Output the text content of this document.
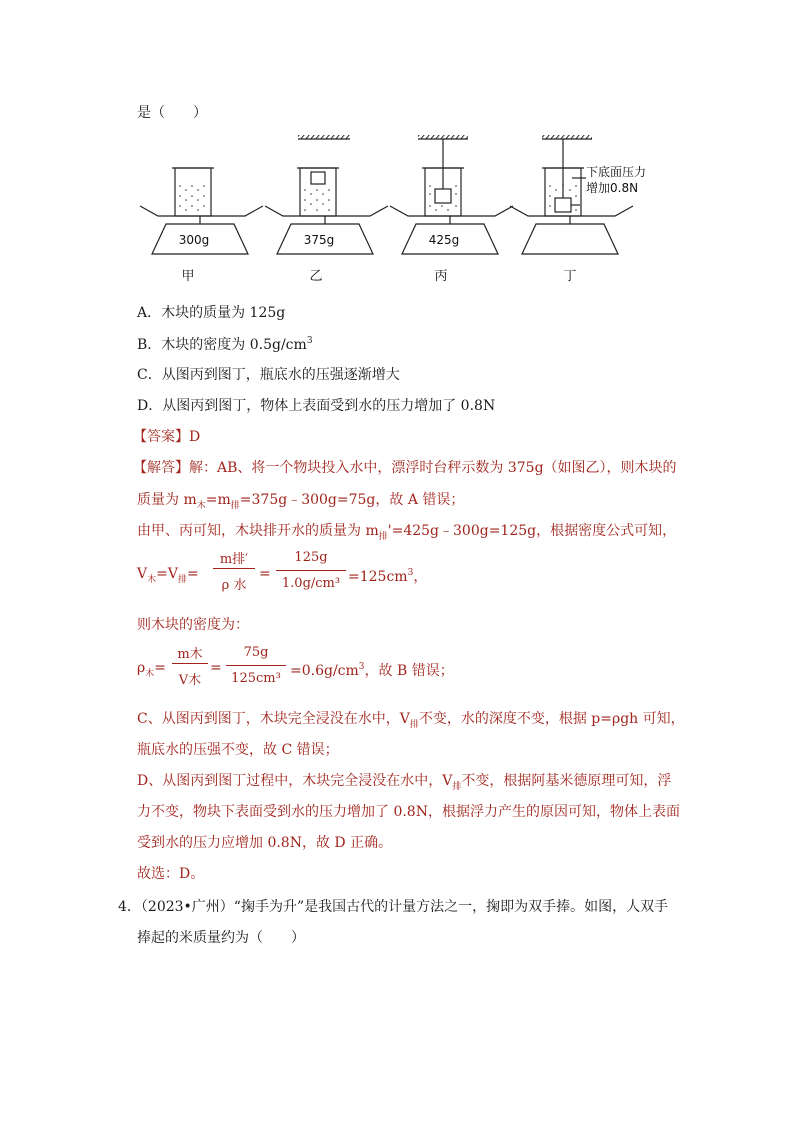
是（　　）
300g	375g	425g
甲	乙	丙	丁
下底面压力
增加0.8N
A．木块的质量为 125g
B．木块的密度为 $0.5g/cm^3$
C．从图丙到图丁，瓶底水的压强逐渐增大
D．从图丙到图丁，物体上表面受到水的压力增加了 0.8N
【答案】D
【解答】解：AB、将一个物块投入水中，漂浮时台秤示数为 375g（如图乙），则木块的
质量为 $m_木=m_排=375g﹣300g=75g$，故 A 错误；
由甲、丙可知，木块排开水的质量为 $m_排'=425g﹣300g=125g$，根据密度公式可知，
$V_木=V_排=$
m排′
ρ 水
=
125g
$1.0g/cm^3 =125cm^3$，
则木块的密度为：
$\rho_木=$
m木
V木
=
75g
$125cm^3 =0.6g/cm^3$，故 B 错误；
C、从图丙到图丁，木块完全浸没在水中，$V_排$不变，水的深度不变，根据 p=ρgh 可知，
瓶底水的压强不变，故 C 错误；
D、从图丙到图丁过程中，木块完全浸没在水中，$V_排$不变，根据阿基米德原理可知，浮
力不变，物块下表面受到水的压力增加了 0.8N，根据浮力产生的原因可知，物体上表面
受到水的压力应增加 0.8N，故 D 正确。
故选：D。
4．（2023•广州）“掬手为升”是我国古代的计量方法之一，掬即为双手捧。如图，人双手
捧起的米质量约为（　　）
